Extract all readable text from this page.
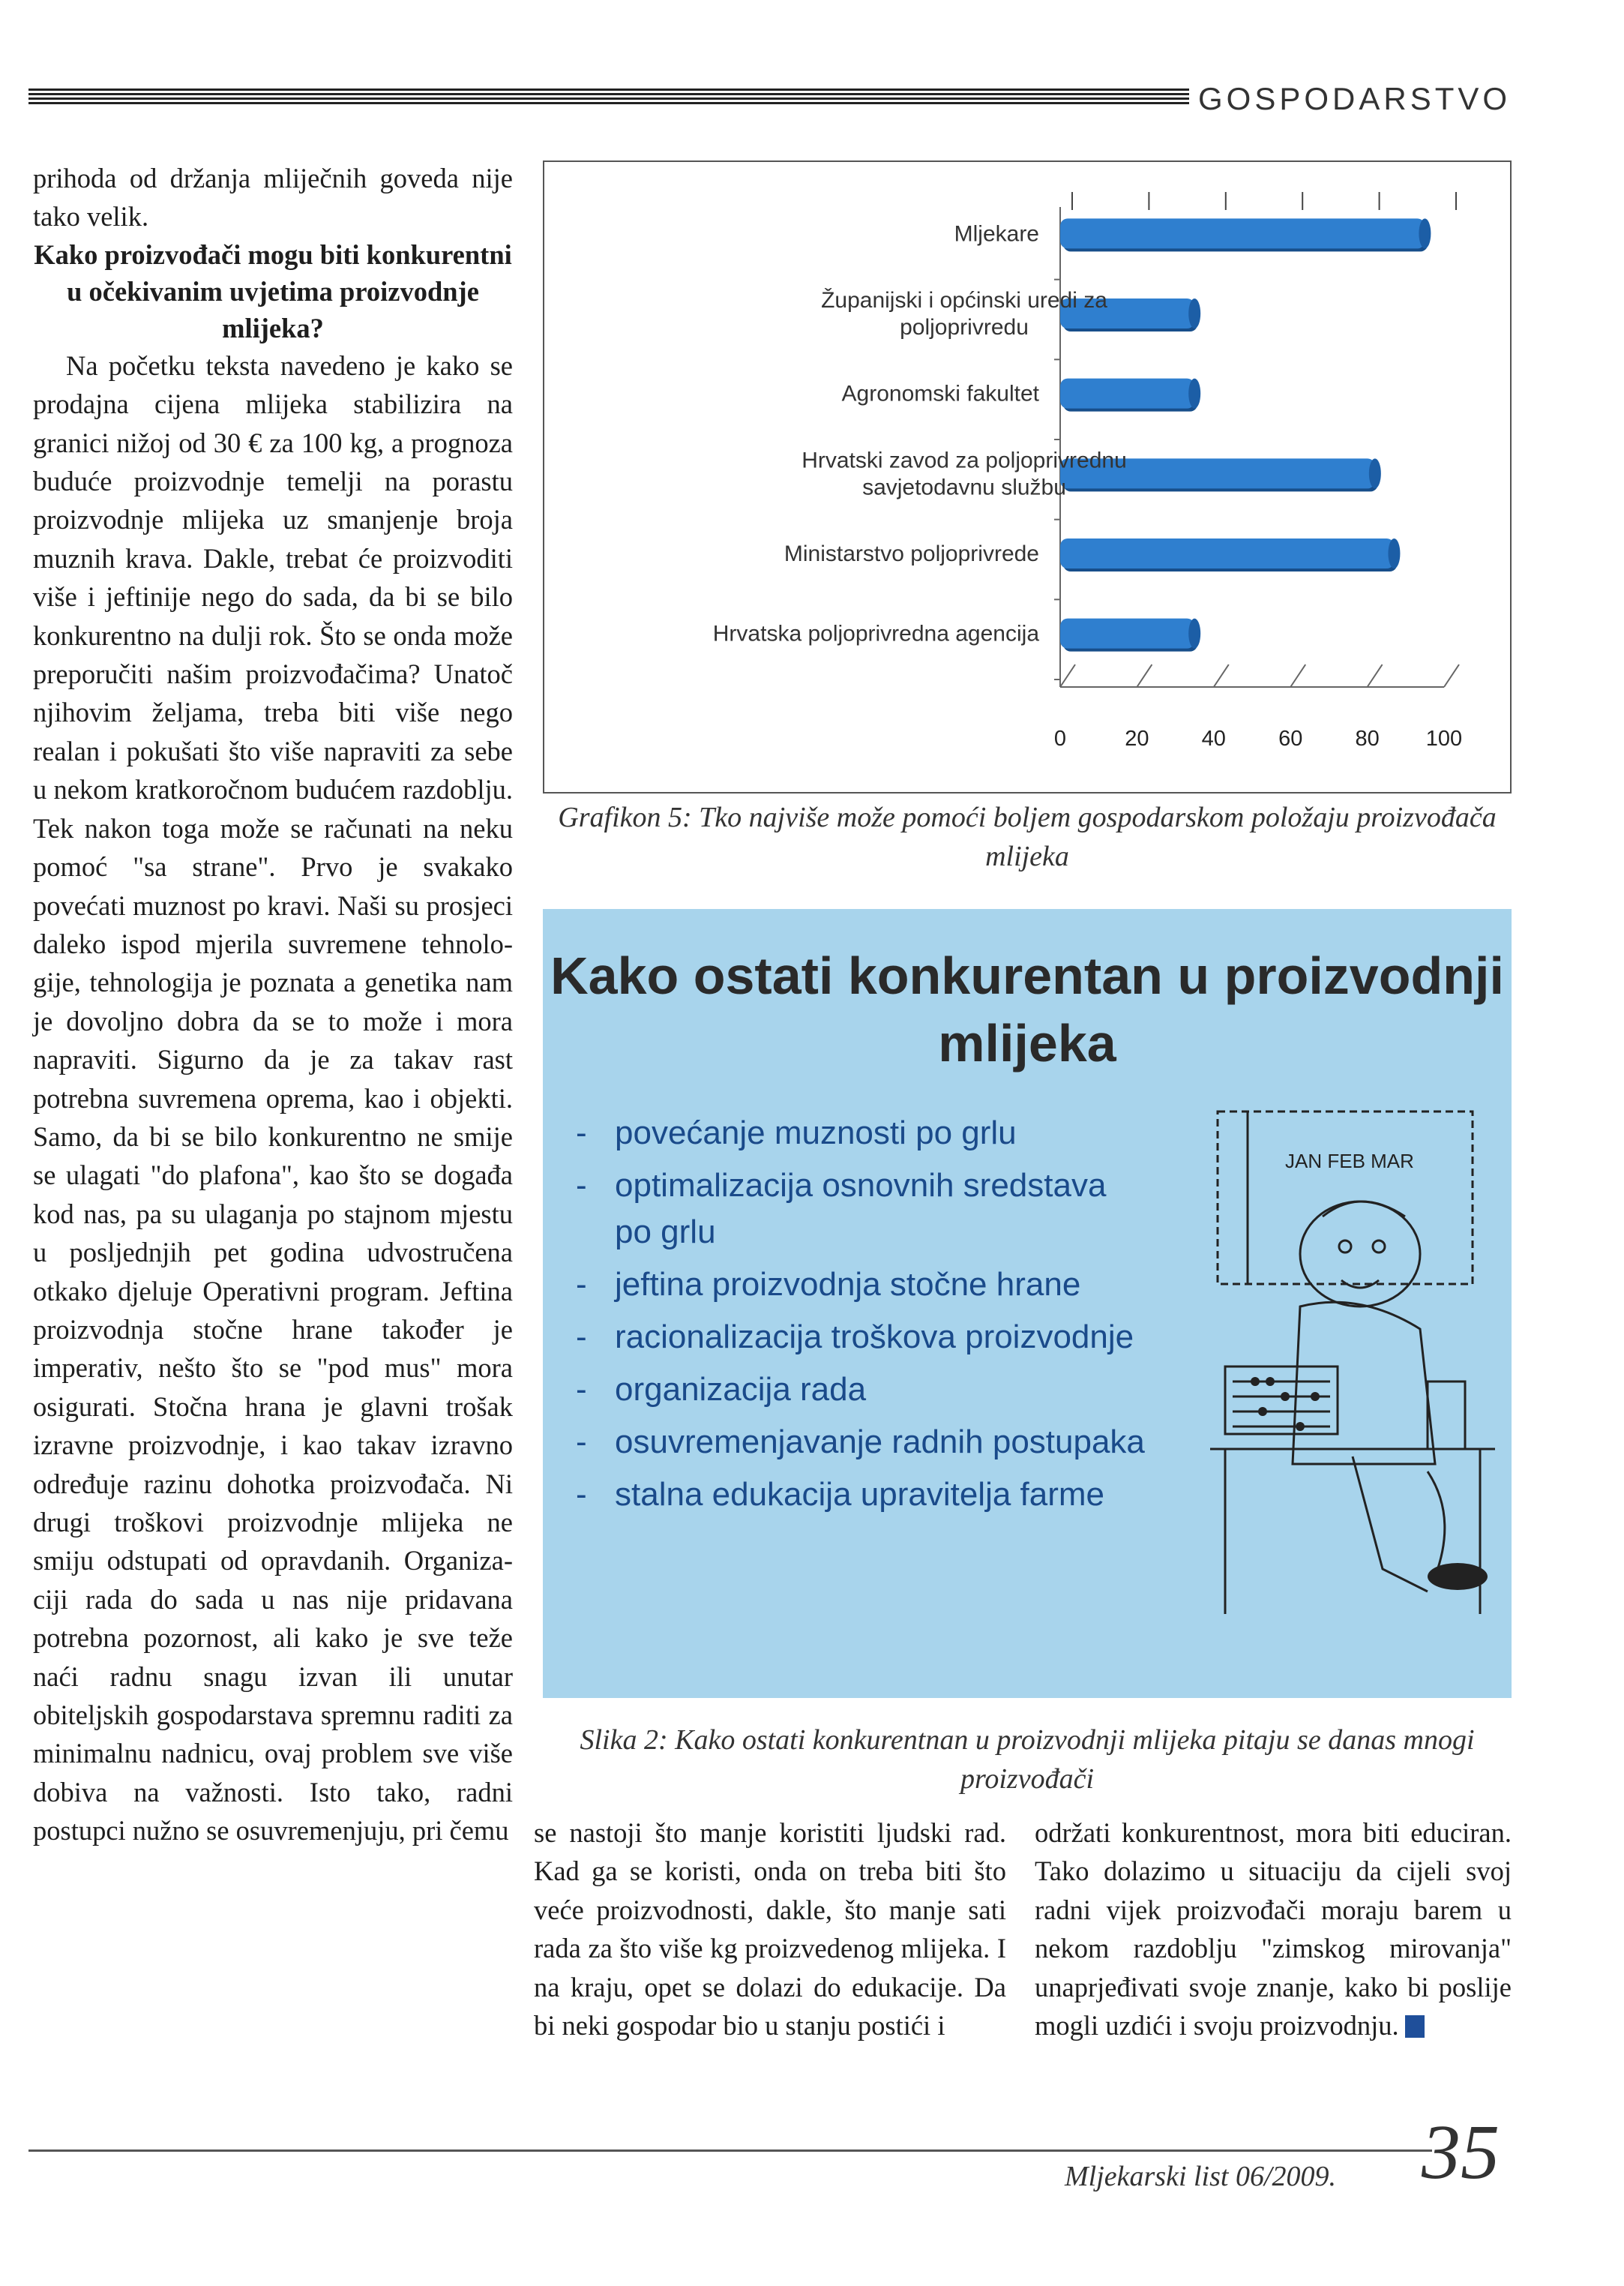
GOSPODARSTVO

prihoda od držanja mliječnih goveda nije tako velik.

Kako proizvođači mogu biti konkurentni u očekivanim uvjetima proizvodnje mlijeka?

Na početku teksta navedeno je kako se prodajna cijena mlijeka stabilizira na granici nižoj od 30 € za 100 kg, a prognoza buduće proizvodnje temelji na porastu proizvodnje mlijeka uz smanjenje broja muznih krava. Dakle, trebat će proizvoditi više i jeftinije nego do sada, da bi se bilo konkurentno na dulji rok. Što se onda može preporučiti našim proizvođačima? Unatoč njihovim željama, treba biti više nego realan i pokušati što više napraviti za sebe u nekom kratkoročnom budućem razdoblju. Tek nakon toga može se računati na neku pomoć "sa strane". Prvo je svakako povećati muznost po kravi. Naši su prosjeci daleko ispod mjerila suvremene tehnologije, tehnologija je poznata a genetika nam je dovoljno dobra da se to može i mora napraviti. Sigurno da je za takav rast potrebna suvremena oprema, kao i objekti. Samo, da bi se bilo konkurentno ne smije se ulagati "do plafona", kao što se događa kod nas, pa su ulaganja po stajnom mjestu u posljednjih pet godina udvostručena otkako djeluje Operativni program. Jeftina proizvodnja stočne hrane također je imperativ, nešto što se "pod mus" mora osigurati. Stočna hrana je glavni trošak izravne proizvodnje, i kao takav izravno određuje razinu dohotka proizvođača. Ni drugi troškovi proizvodnje mlijeka ne smiju odstupati od opravdanih. Organizaciji rada do sada u nas nije pridavana potrebna pozornost, ali kako je sve teže naći radnu snagu izvan ili unutar obiteljskih gospodarstava spremnu raditi za minimalnu nadnicu, ovaj problem sve više dobiva na važnosti. Isto tako, radni postupci nužno se osuvremenjuju, pri čemu

0	20 40 60 80 100
Mljekare
Županijski i općinski uredi za poljoprivredu
Agronomski fakultet
Hrvatski zavod za poljoprivrednu savjetodavnu službu
Ministarstvo poljoprivrede
Hrvatska poljoprivredna agencija
Grafikon 5: Tko najviše može pomoći boljem gospodarskom položaju proizvođača mlijeka
Kako ostati konkurentan u proizvodnji mlijeka
- povećanje muznosti po grlu
- optimalizacija osnovnih sredstava po grlu
- jeftina proizvodnja stočne hrane
- racionalizacija troškova proizvodnje
- organizacija rada
- osuvremenjavanje radnih postupaka
- stalna edukacija upravitelja farme
JAN FEB MAR
Slika 2: Kako ostati konkurentnan u proizvodnji mlijeka pitaju se danas mnogi proizvođači

se nastoji što manje koristiti ljudski rad. Kad ga se koristi, onda on treba biti što veće proizvodnosti, dakle, što manje sati rada za što više kg proizvedenog mlijeka. I na kraju, opet se dolazi do edukacije. Da bi neki gospodar bio u stanju postići i

održati konkurentnost, mora biti educiran. Tako dolazimo u situaciju da cijeli svoj radni vijek proizvođači moraju barem u nekom razdoblju "zimskog mirovanja" unaprjeđivati svoje znanje, kako bi poslije mogli uzdići i svoju proizvodnju.

Mljekarski list 06/2009. 35
